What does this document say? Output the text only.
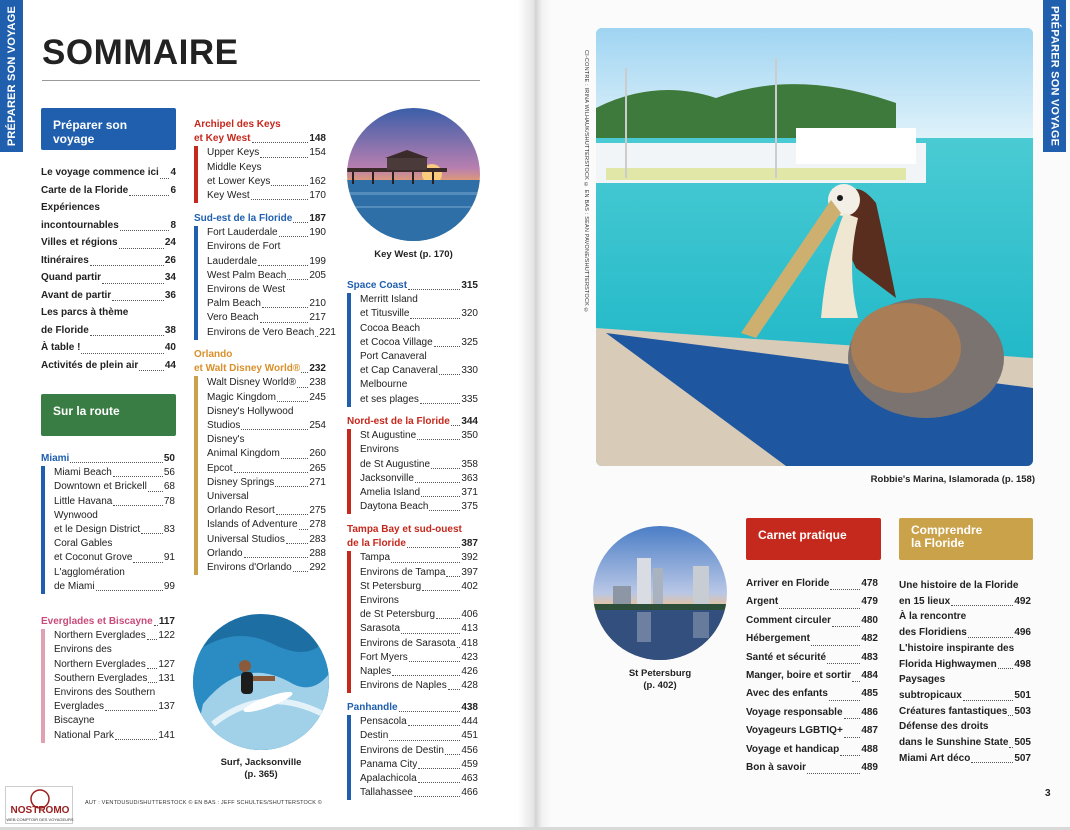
PRÉPARER SON VOYAGE	PRÉPARER SON VOYAGE
SOMMAIRE
Préparer son voyage
Sur la route
Carnet pratique	Comprendre
la Floride
Le voyage commence ici 4
Carte de la Floride	6
Expériences
incontournables	8
Villes et régions	24
Itinéraires	26
Quand partir	34
Avant de partir	36
Les parcs à thème
de Floride	38
À table !	40
Activités de plein air	44
Miami	50
Miami Beach	56
Downtown et Brickell 68
Little Havana	78
Wynwood
et le Design District 83
Coral Gables
et Coconut Grove	91
L'agglomération
de Miami	99
Everglades et Biscayne 117
Northern Everglades 122
Environs des
Northern Everglades 127
Southern Everglades 131
Environs des Southern
Everglades	137
Biscayne
National Park	141
Archipel des Keys
et Key West	148
Upper Keys	154
Middle Keys
et Lower Keys	162
Key West	170
Sud-est de la Floride 187
Fort Lauderdale	190
Environs de Fort
Lauderdale	199
West Palm Beach 205
Environs de West
Palm Beach	210
Vero Beach	217
Environs de Vero Beach 221
Orlando
et Walt Disney World® 232
Walt Disney World® 238
Magic Kingdom	245
Disney's Hollywood
Studios	254
Disney's
Animal Kingdom	260
Epcot	265
Disney Springs	271
Universal
Orlando Resort	275
Islands of Adventure 278
Universal Studios 283
Orlando	288
Environs d'Orlando 292
Space Coast	315
Merritt Island
et Titusville	320
Cocoa Beach
et Cocoa Village	325
Port Canaveral
et Cap Canaveral 330
Melbourne
et ses plages	335
Nord-est de la Floride 344
St Augustine	350
Environs
de St Augustine	358
Jacksonville	363
Amelia Island	371
Daytona Beach	375
Tampa Bay et sud-ouest
de la Floride	387
Tampa	392
Environs de Tampa 397
St Petersburg	402
Environs
de St Petersburg	406
Sarasota	413
Environs de Sarasota 418
Fort Myers	423
Naples	426
Environs de Naples 428
Panhandle	438
Pensacola	444
Destin	451
Environs de Destin 456
Panama City	459
Apalachicola	463
Tallahassee	466
Arriver en Floride	478
Argent	479
Comment circuler	480
Hébergement	482
Santé et sécurité	483
Manger, boire et sortir 484
Avec des enfants	485
Voyage responsable 486
Voyageurs LGBTIQ+ 487
Voyage et handicap 488
Bon à savoir	489
Une histoire de la Floride
en 15 lieux	492
À la rencontre
des Floridiens	496
L'histoire inspirante des
Florida Highwaymen 498
Paysages
subtropicaux	501
Créatures fantastiques 503
Défense des droits
dans le Sunshine State 505
Miami Art déco	507
Key West (p. 170)
Surf, Jacksonville
(p. 365)
St Petersburg
(p. 402)
Robbie's Marina, Islamorada (p. 158)
AUT : VENTDUSUD/SHUTTERSTOCK © EN BAS : JEFF SCHULTES/SHUTTERSTOCK ©
CI-CONTRE : IRINA WILHAUK/SHUTTERSTOCK © EN BAS : SEAN PAVONE/SHUTTERSTOCK ©
3
NOSTROMO
WEB COMPTOIR DES VOYAGEURS
